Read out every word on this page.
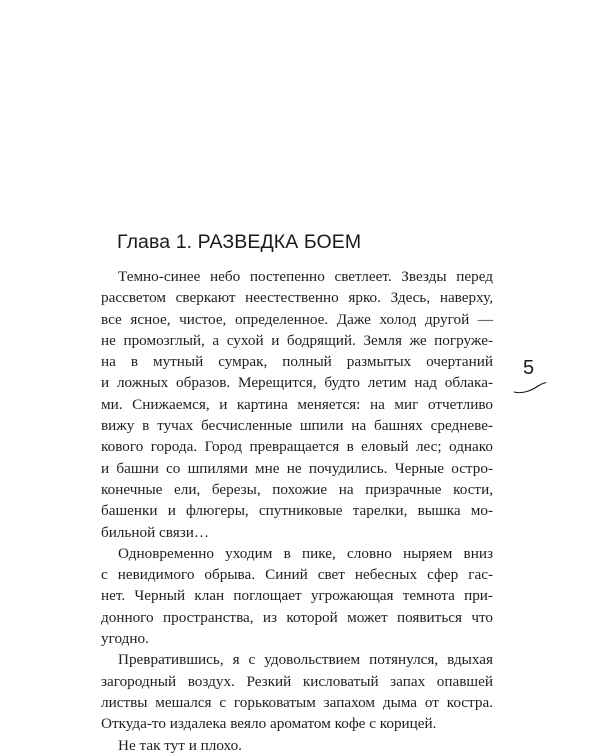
Глава 1. РАЗВЕДКА БОЕМ

Темно-синее небо постепенно светлеет. Звезды перед
рассветом сверкают неестественно ярко. Здесь, наверху,
все ясное, чистое, определенное. Даже холод другой —
не промозглый, а сухой и бодрящий. Земля же погруже-
на в мутный сумрак, полный размытых очертаний
и ложных образов. Мерещится, будто летим над облака-
ми. Снижаемся, и картина меняется: на миг отчетливо
вижу в тучах бесчисленные шпили на башнях средневе-
кового города. Город превращается в еловый лес; однако
и башни со шпилями мне не почудились. Черные остро-
конечные ели, березы, похожие на призрачные кости,
башенки и флюгеры, спутниковые тарелки, вышка мо-
бильной связи…

Одновременно уходим в пике, словно ныряем вниз
с невидимого обрыва. Синий свет небесных сфер гас-
нет. Черный клан поглощает угрожающая темнота при-
донного пространства, из которой может появиться что
угодно.

Превратившись, я с удовольствием потянулся, вдыхая
загородный воздух. Резкий кисловатый запах опавшей
листвы мешался с горьковатым запахом дыма от костра.
Откуда-то издалека веяло ароматом кофе с корицей.

Не так тут и плохо.

5
